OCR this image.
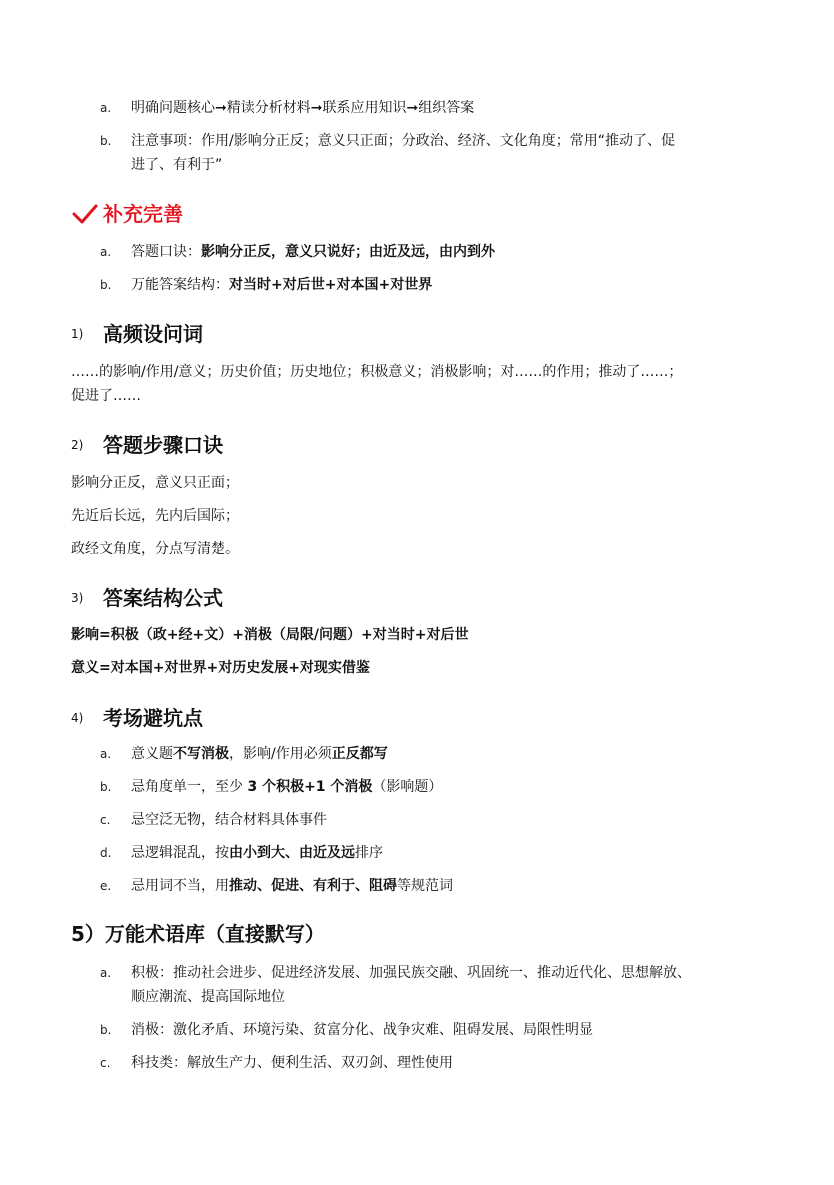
a. 明确问题核心➞精读分析材料➞联系应用知识➞组织答案
b. 注意事项：作用/影响分正反；意义只正面；分政治、经济、文化角度；常用“推动了、促
进了、有利于”
补充完善
a. 答题口诀：影响分正反，意义只说好；由近及远，由内到外
b. 万能答案结构：对当时+对后世+对本国+对世界
1) 高频设问词
……的影响/作用/意义；历史价值；历史地位；积极意义；消极影响；对……的作用；推动了……；
促进了……
2) 答题步骤口诀
影响分正反，意义只正面；
先近后长远，先内后国际；
政经文角度，分点写清楚。
3) 答案结构公式
影响=积极（政+经+文）+消极（局限/问题）+对当时+对后世
意义=对本国+对世界+对历史发展+对现实借鉴
4) 考场避坑点
a. 意义题不写消极，影响/作用必须正反都写
b. 忌角度单一，至少 3 个积极+1 个消极（影响题）
c. 忌空泛无物，结合材料具体事件
d. 忌逻辑混乱，按由小到大、由近及远排序
e. 忌用词不当，用推动、促进、有利于、阻碍等规范词
5）万能术语库（直接默写）
a. 积极：推动社会进步、促进经济发展、加强民族交融、巩固统一、推动近代化、思想解放、
顺应潮流、提高国际地位
b. 消极：激化矛盾、环境污染、贫富分化、战争灾难、阻碍发展、局限性明显
c. 科技类：解放生产力、便利生活、双刃剑、理性使用
